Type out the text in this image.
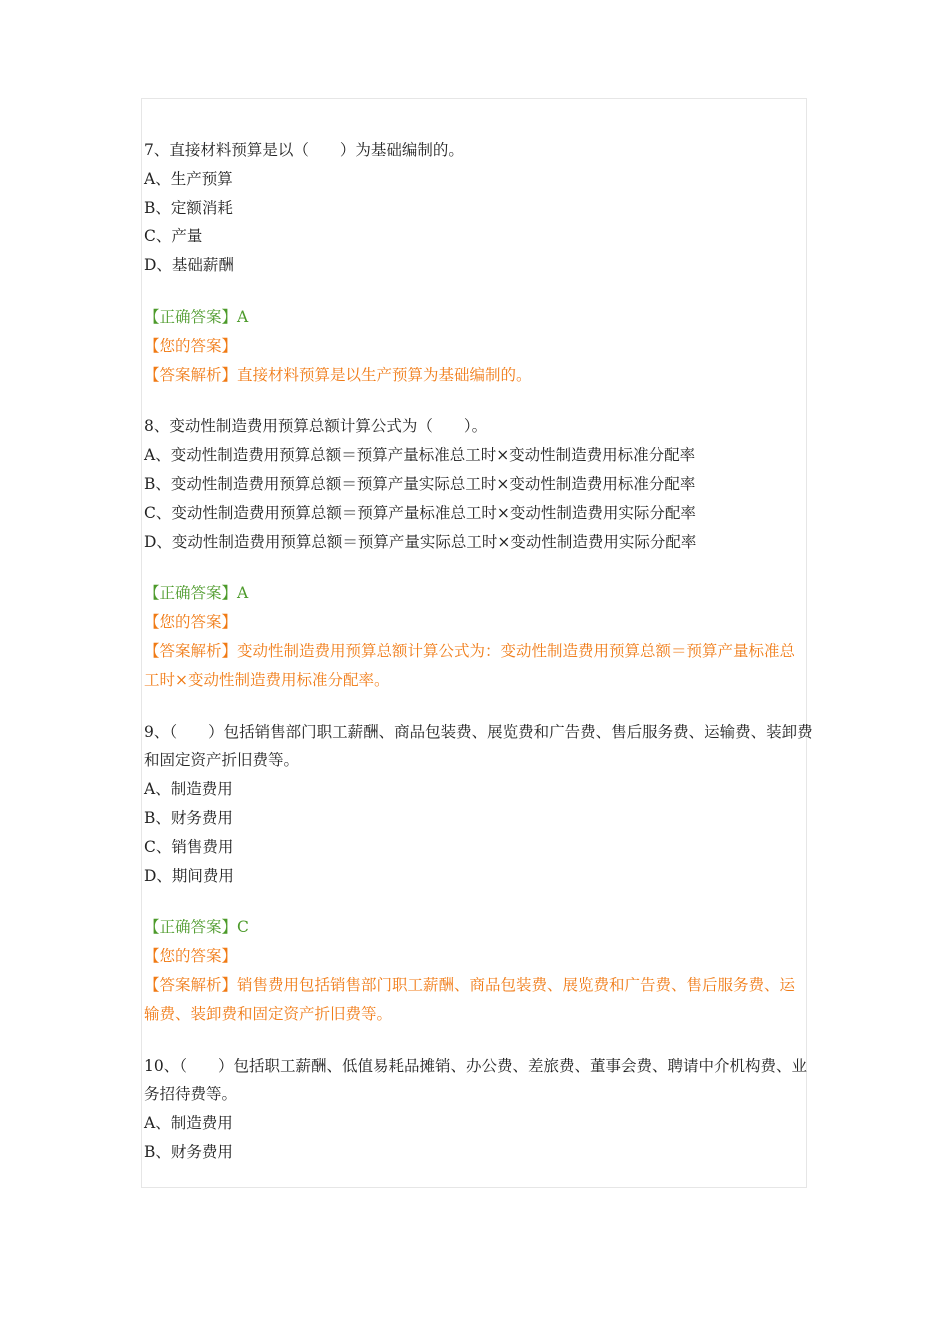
7、直接材料预算是以（　　）为基础编制的。
A、生产预算
B、定额消耗
C、产量
D、基础薪酬
【正确答案】A
【您的答案】
【答案解析】直接材料预算是以生产预算为基础编制的。
8、变动性制造费用预算总额计算公式为（　　）。
A、变动性制造费用预算总额＝预算产量标准总工时×变动性制造费用标准分配率
B、变动性制造费用预算总额＝预算产量实际总工时×变动性制造费用标准分配率
C、变动性制造费用预算总额＝预算产量标准总工时×变动性制造费用实际分配率
D、变动性制造费用预算总额＝预算产量实际总工时×变动性制造费用实际分配率
【正确答案】A
【您的答案】
【答案解析】变动性制造费用预算总额计算公式为：变动性制造费用预算总额＝预算产量标准总工时×变动性制造费用标准分配率。
9、（　　）包括销售部门职工薪酬、商品包装费、展览费和广告费、售后服务费、运输费、装卸费和固定资产折旧费等。
A、制造费用
B、财务费用
C、销售费用
D、期间费用
【正确答案】C
【您的答案】
【答案解析】销售费用包括销售部门职工薪酬、商品包装费、展览费和广告费、售后服务费、运输费、装卸费和固定资产折旧费等。
10、（　　）包括职工薪酬、低值易耗品摊销、办公费、差旅费、董事会费、聘请中介机构费、业务招待费等。
A、制造费用
B、财务费用
